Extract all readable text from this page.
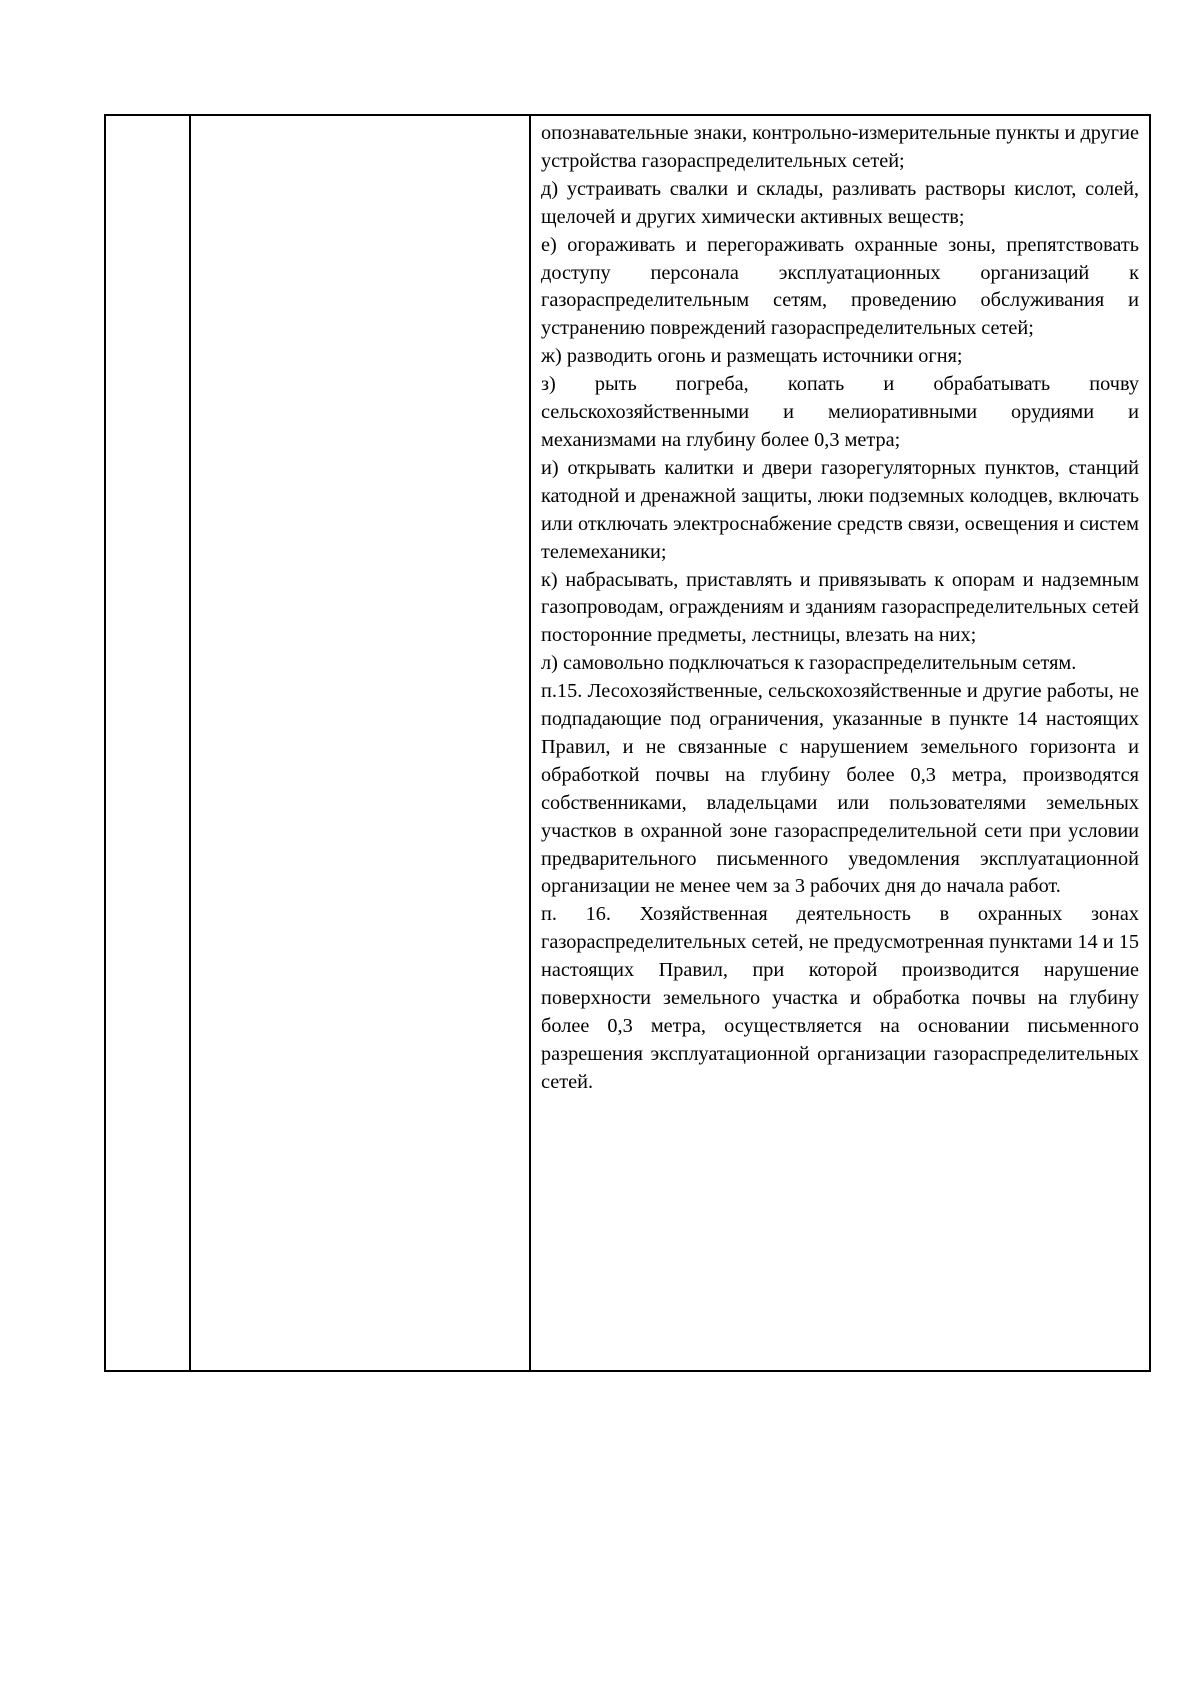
опознавательные знаки, контрольно-измерительные пункты и другие устройства газораспределительных сетей;

д) устраивать свалки и склады, разливать растворы кислот, солей, щелочей и других химически активных веществ;

е) огораживать и перегораживать охранные зоны, препятствовать доступу персонала эксплуатационных организаций к газораспределительным сетям, проведению обслуживания и устранению повреждений газораспределительных сетей;

ж) разводить огонь и размещать источники огня;

з) рыть погреба, копать и обрабатывать почву сельскохозяйственными и мелиоративными орудиями и механизмами на глубину более 0,3 метра;

и) открывать калитки и двери газорегуляторных пунктов, станций катодной и дренажной защиты, люки подземных колодцев, включать или отключать электроснабжение средств связи, освещения и систем телемеханики;

к) набрасывать, приставлять и привязывать к опорам и надземным газопроводам, ограждениям и зданиям газораспределительных сетей посторонние предметы, лестницы, влезать на них;

л) самовольно подключаться к газораспределительным сетям.

п.15. Лесохозяйственные, сельскохозяйственные и другие работы, не подпадающие под ограничения, указанные в пункте 14 настоящих Правил, и не связанные с нарушением земельного горизонта и обработкой почвы на глубину более 0,3 метра, производятся собственниками, владельцами или пользователями земельных участков в охранной зоне газораспределительной сети при условии предварительного письменного уведомления эксплуатационной организации не менее чем за 3 рабочих дня до начала работ.

п. 16. Хозяйственная деятельность в охранных зонах газораспределительных сетей, не предусмотренная пунктами 14 и 15 настоящих Правил, при которой производится нарушение поверхности земельного участка и обработка почвы на глубину более 0,3 метра, осуществляется на основании письменного разрешения эксплуатационной организации газораспределительных сетей.
